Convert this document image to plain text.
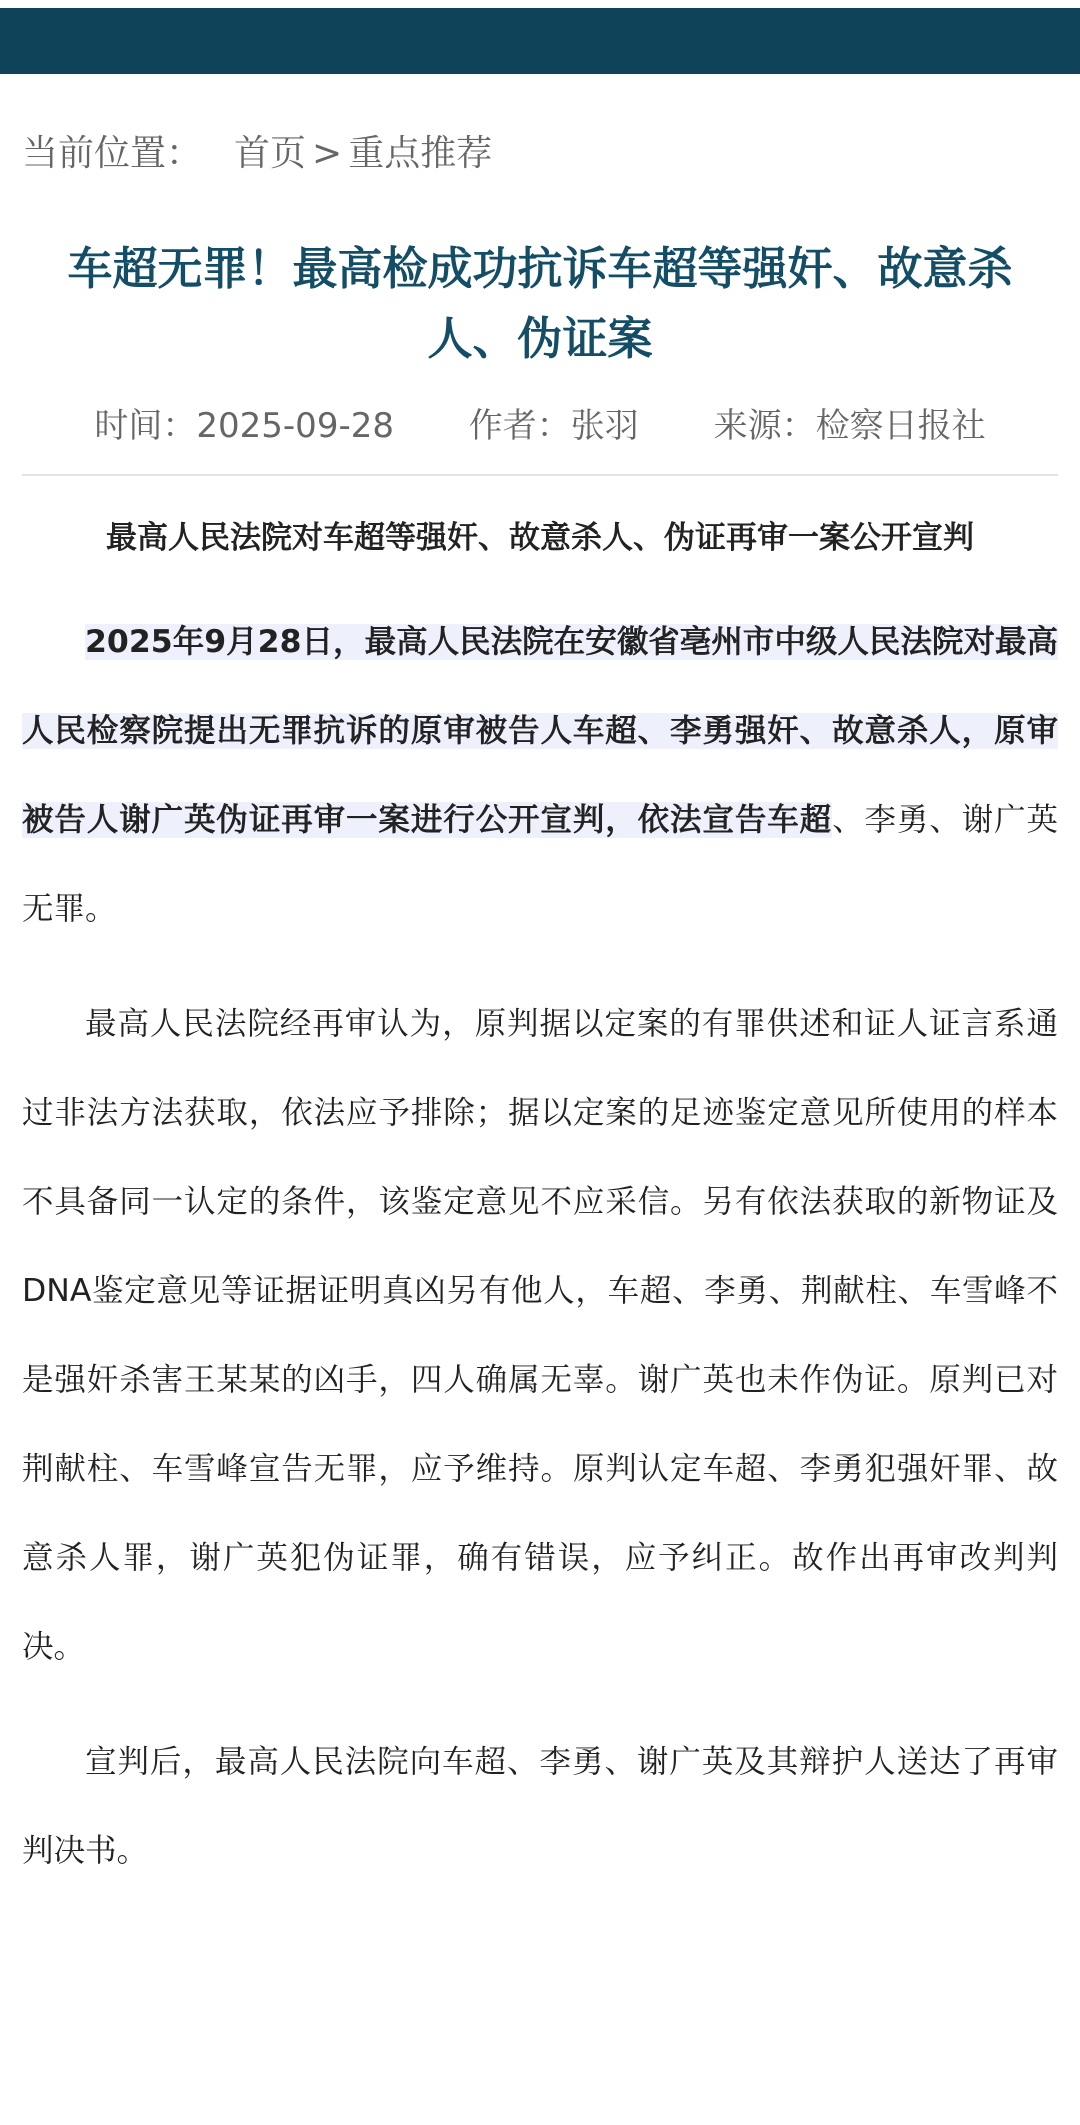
当前位置： 首页 > 重点推荐
车超无罪！最高检成功抗诉车超等强奸、故意杀人、伪证案
时间：2025-09-28 作者：张羽 来源：检察日报社
最高人民法院对车超等强奸、故意杀人、伪证再审一案公开宣判

2025年9月28日，最高人民法院在安徽省亳州市中级人民法院对最高人民检察院提出无罪抗诉的原审被告人车超、李勇强奸、故意杀人，原审被告人谢广英伪证再审一案进行公开宣判，依法宣告车超、李勇、谢广英无罪。

最高人民法院经再审认为，原判据以定案的有罪供述和证人证言系通过非法方法获取，依法应予排除；据以定案的足迹鉴定意见所使用的样本不具备同一认定的条件，该鉴定意见不应采信。另有依法获取的新物证及DNA鉴定意见等证据证明真凶另有他人，车超、李勇、荆献柱、车雪峰不是强奸杀害王某某的凶手，四人确属无辜。谢广英也未作伪证。原判已对荆献柱、车雪峰宣告无罪，应予维持。原判认定车超、李勇犯强奸罪、故意杀人罪，谢广英犯伪证罪，确有错误，应予纠正。故作出再审改判判决。

宣判后，最高人民法院向车超、李勇、谢广英及其辩护人送达了再审判决书。
